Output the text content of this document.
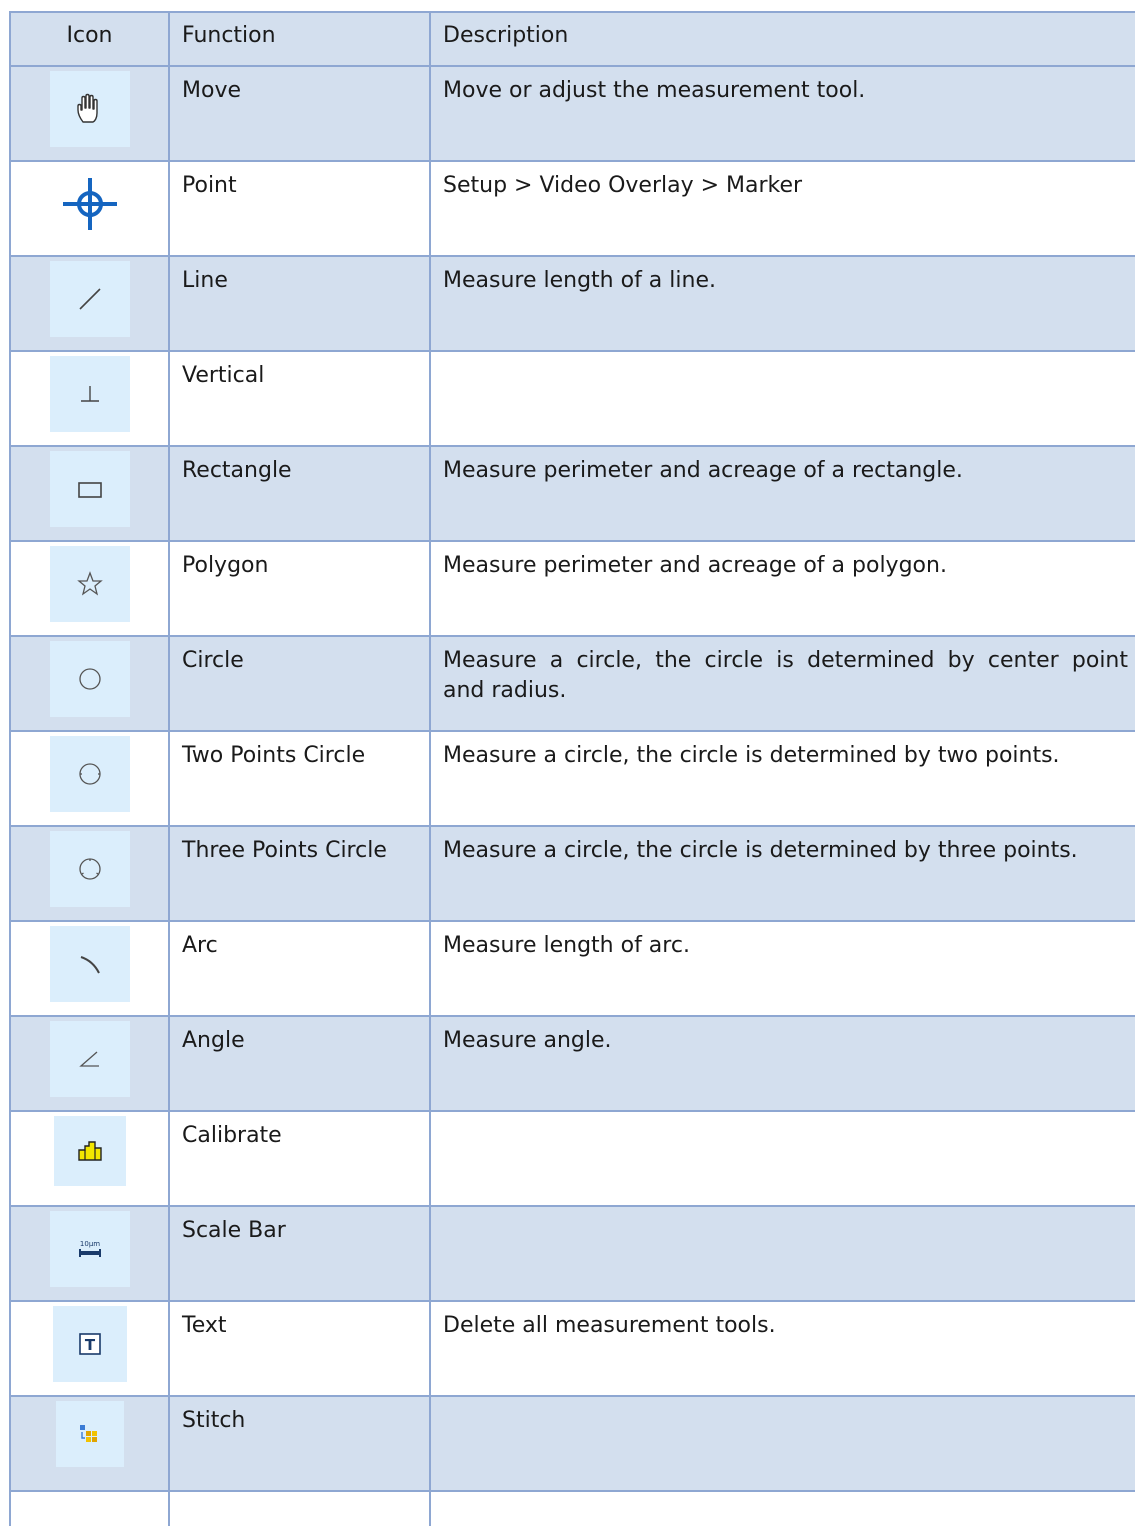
Icon	Function	Description

	Move	Move or adjust the measurement tool.

	Point	Setup > Video Overlay > Marker

	Line	Measure length of a line.

	Vertical	

	Rectangle	Measure perimeter and acreage of a rectangle.

	Polygon	Measure perimeter and acreage of a polygon.

	Circle	Measure a circle, the circle is determined by center point
and radius.

	Two Points Circle	Measure a circle, the circle is determined by two points.

	Three Points Circle	Measure a circle, the circle is determined by three points.

	Arc	Measure length of arc.

	Angle	Measure angle.

	Calibrate	

10μm	Scale Bar	

T	Text	Delete all measurement tools.

	Stitch	
